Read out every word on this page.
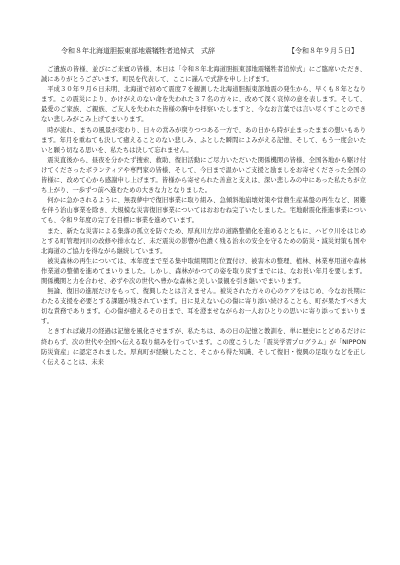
令和８年北海道胆振東部地震犠牲者追悼式　式辞	【令和８年９月５日】

ご遺族の皆様、並びにご来賓の皆様、本日は「令和８年北海道胆振東部地震犠牲者追悼式」にご臨席いただき、誠にありがとうございます。町民を代表して、ここに謹んで式辞を申し上げます。

平成３０年９月６日未明、北海道で初めて震度７を観測した北海道胆振東部地震の発生から、早くも８年となります。この震災により、かけがえのない命を失われた３７名の方々に、改めて深く哀悼の意を表します。そして、最愛のご家族、ご親族、ご友人を失われた皆様の胸中を拝察いたしますと、今なお言葉では言い尽くすことのできない悲しみがこみ上げてまいります。

時が流れ、まちの風景が変わり、日々の営みが戻りつつある一方で、あの日から時が止まったままの想いもあります。年月を重ねても決して癒えることのない悲しみ、ふとした瞬間によみがえる記憶、そして、もう一度会いたいと願う切なる思いを、私たちは決して忘れません。

震災直後から、昼夜を分かたず捜索、救助、復旧活動にご尽力いただいた関係機関の皆様、全国各地から駆け付けてくださったボランティアや専門家の皆様、そして、今日まで温かいご支援と励ましをお寄せくださった全国の皆様に、改めて心から感謝申し上げます。皆様から寄せられた善意と支えは、深い悲しみの中にあった私たちが立ち上がり、一歩ずつ前へ進むための大きな力となりました。

何かに急かされるように、無我夢中で復旧事業に取り組み、急傾斜地崩壊対策や営農生産基盤の再生など、困難を伴う治山事業を除き、大規模な災害復旧事業についてはおおむね完了いたしました。宅地耐震化推進事業についても、令和９年度の完了を目標に事業を進めています。

また、新たな災害による集落の孤立を防ぐため、厚真川左岸の道路整備化を進めるとともに、ハビウ川をはじめとする町管理河川の改修や排水など、未だ震災の影響が色濃く残る治水の安全を守るための防災・減災対策も国や北海道のご協力を得ながら継続しています。

被災森林の再生については、本年度まで至る集中取組期間と位置付け、被害木の整理、植林、林業専用道や森林作業道の整備を進めてまいりました。しかし、森林がかつての姿を取り戻すまでには、なお長い年月を要します。関係機関と力を合わせ、必ずや次の世代へ豊かな森林と美しい景観を引き継いでまいります。

無論、復旧の進展だけをもって、復興したとは言えません。被災された方々の心のケアをはじめ、今なお長期にわたる支援を必要とする課題が残されています。日に見えない心の傷に寄り添い続けることも、町が果たすべき大切な責務であります。心の傷が癒えるその日まで、耳を澄ませながらお一人おひとりの思いに寄り添ってまいります。

ときすれば歳月の経過は記憶を風化させますが、私たちは、あの日の記憶と教訓を、単に歴史にとどめるだけに終わらず、次の世代や全国へ伝える取り組みを行っています。この度こうした「震災学習プログラム」が「NIPPON 防災資産」に認定されました。厚真町が経験したこと、そこから得た知識、そして復旧・復興の足取りなどを正しく伝えることは、未来
